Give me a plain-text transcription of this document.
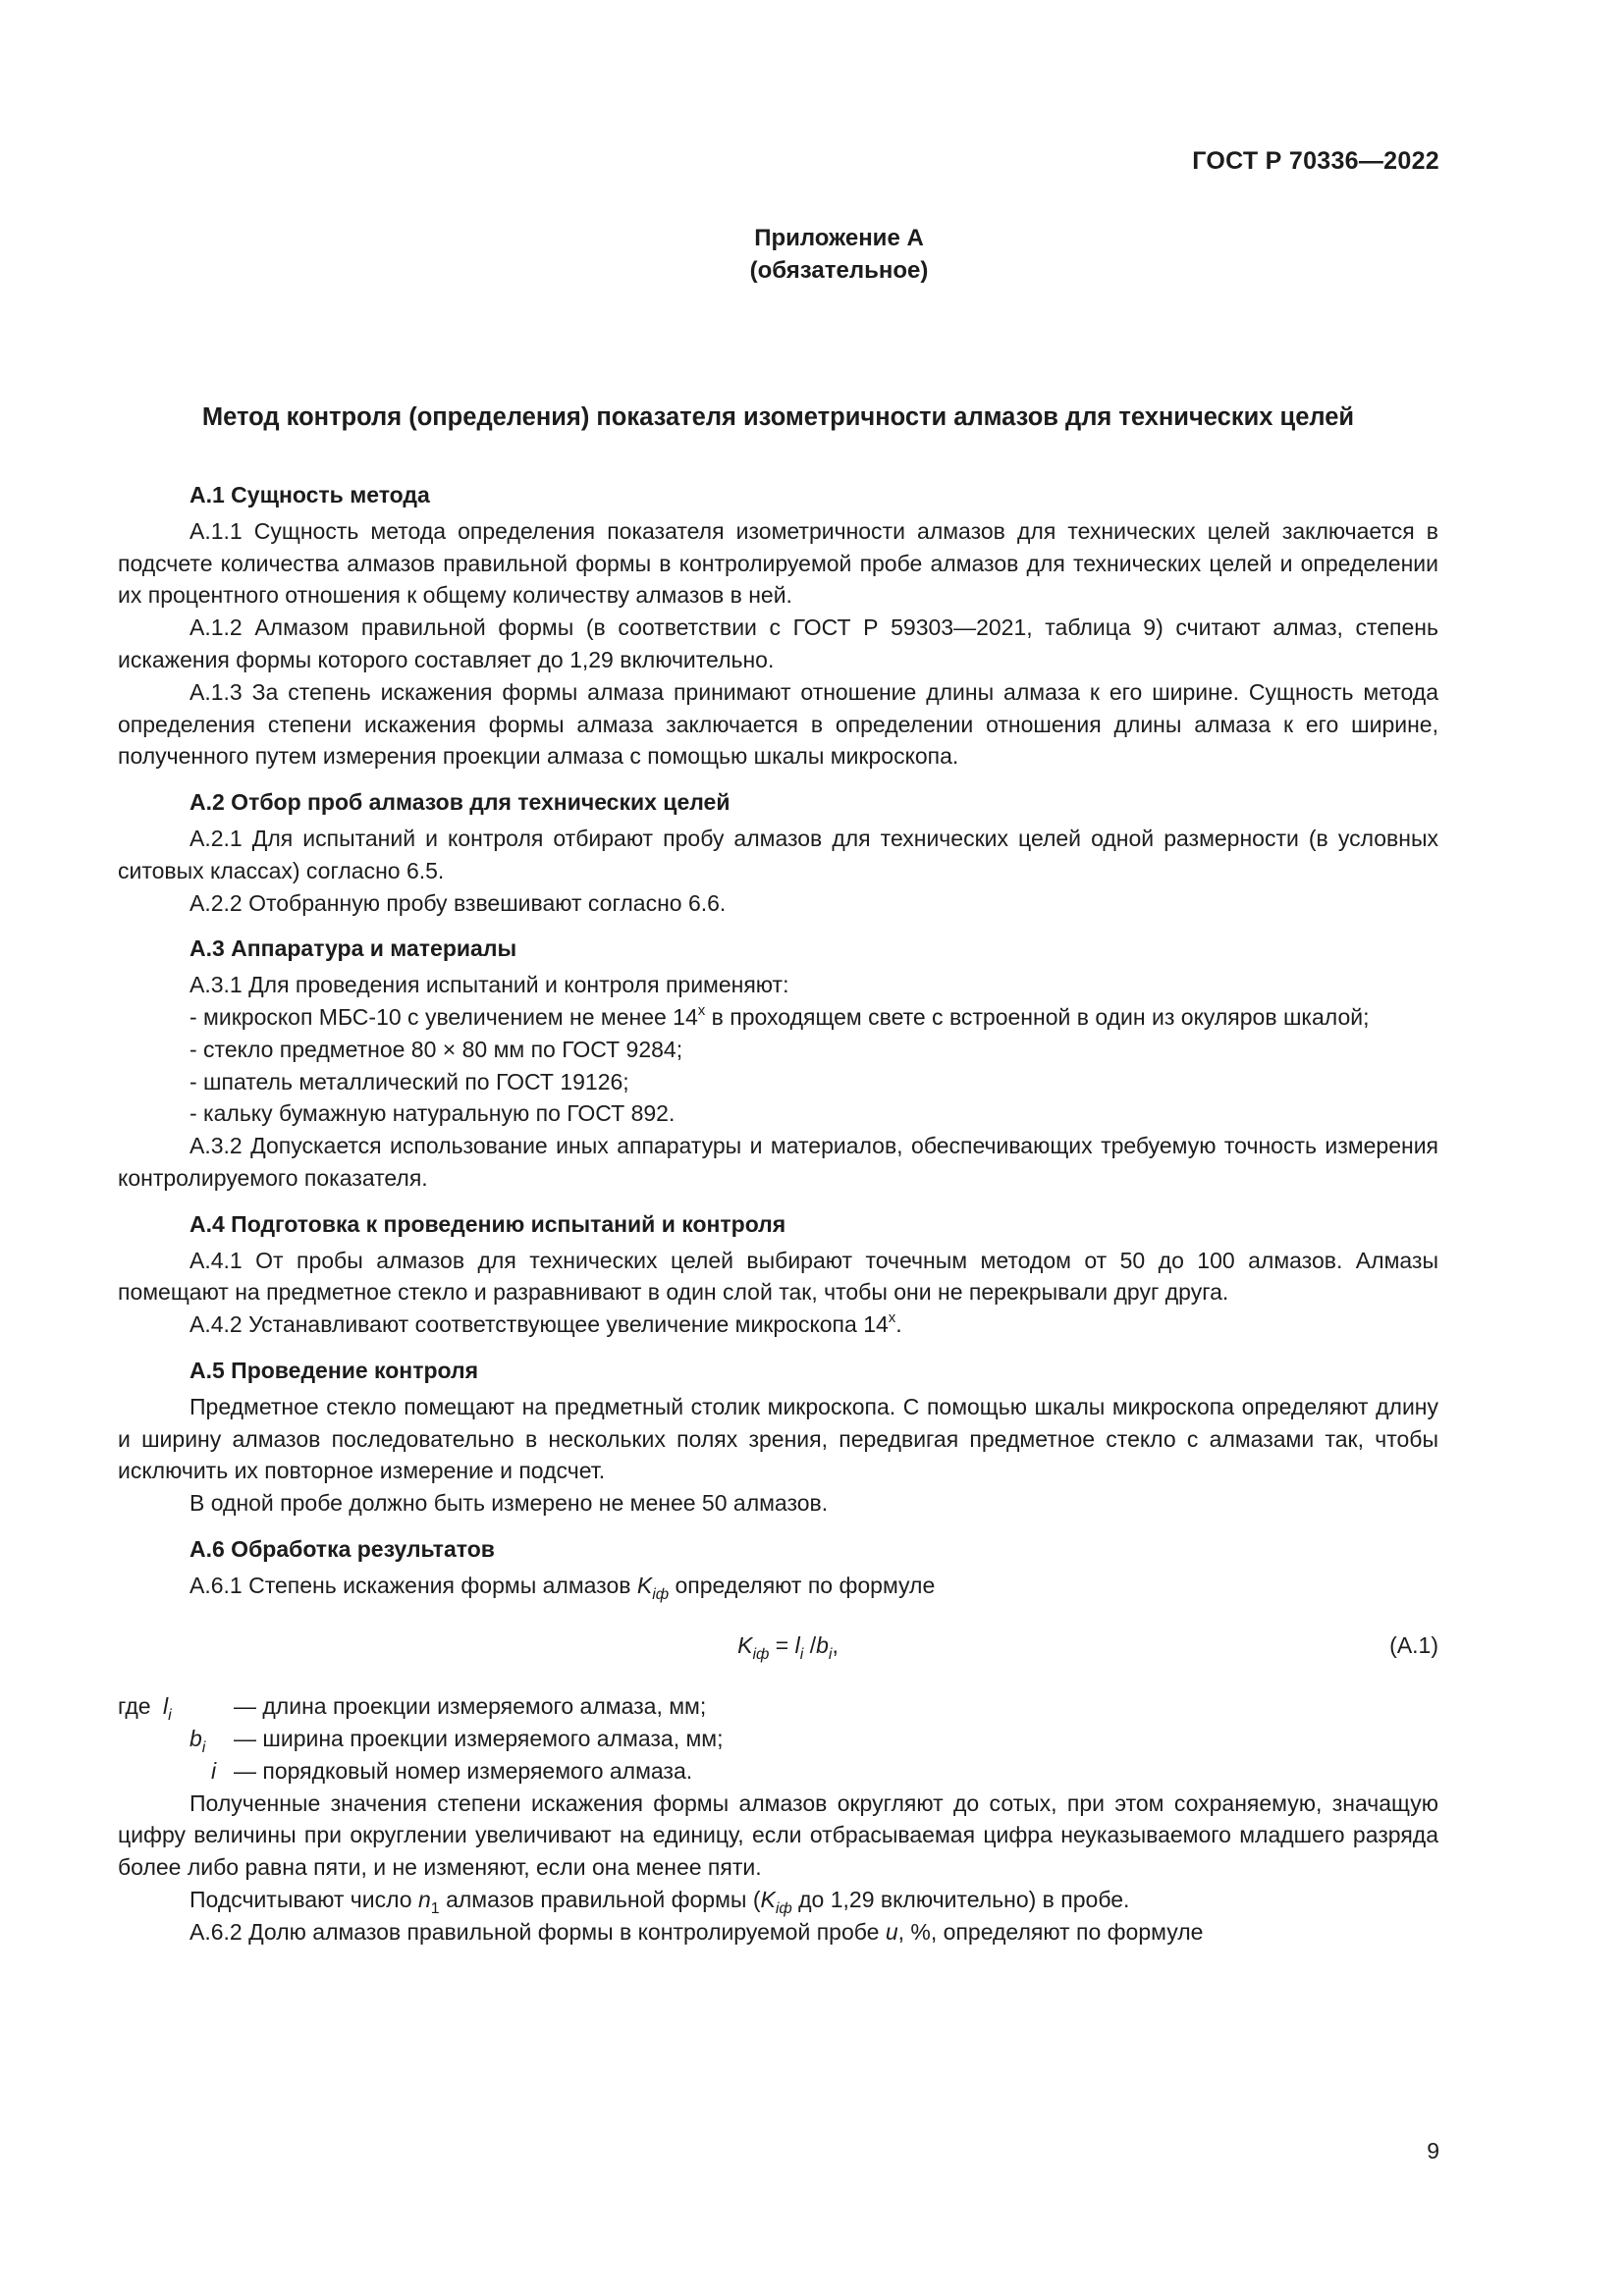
ГОСТ Р 70336—2022
Приложение А
(обязательное)
Метод контроля (определения) показателя изометричности алмазов для технических целей
А.1 Сущность метода

А.1.1 Сущность метода определения показателя изометричности алмазов для технических целей заключается в подсчете количества алмазов правильной формы в контролируемой пробе алмазов для технических целей и определении их процентного отношения к общему количеству алмазов в ней.

А.1.2 Алмазом правильной формы (в соответствии с ГОСТ Р 59303—2021, таблица 9) считают алмаз, степень искажения формы которого составляет до 1,29 включительно.

А.1.3 За степень искажения формы алмаза принимают отношение длины алмаза к его ширине. Сущность метода определения степени искажения формы алмаза заключается в определении отношения длины алмаза к его ширине, полученного путем измерения проекции алмаза с помощью шкалы микроскопа.

А.2 Отбор проб алмазов для технических целей

А.2.1 Для испытаний и контроля отбирают пробу алмазов для технических целей одной размерности (в условных ситовых классах) согласно 6.5.

А.2.2 Отобранную пробу взвешивают согласно 6.6.

А.3 Аппаратура и материалы

А.3.1 Для проведения испытаний и контроля применяют:

- микроскоп МБС-10 с увеличением не менее $14^х$ в проходящем свете с встроенной в один из окуляров шкалой;

- стекло предметное 80 × 80 мм по ГОСТ 9284;

- шпатель металлический по ГОСТ 19126;

- кальку бумажную натуральную по ГОСТ 892.

А.3.2 Допускается использование иных аппаратуры и материалов, обеспечивающих требуемую точность измерения контролируемого показателя.

А.4 Подготовка к проведению испытаний и контроля

А.4.1 От пробы алмазов для технических целей выбирают точечным методом от 50 до 100 алмазов. Алмазы помещают на предметное стекло и разравнивают в один слой так, чтобы они не перекрывали друг друга.

А.4.2 Устанавливают соответствующее увеличение микроскопа $14^х$.

А.5 Проведение контроля

Предметное стекло помещают на предметный столик микроскопа. С помощью шкалы микроскопа определяют длину и ширину алмазов последовательно в нескольких полях зрения, передвигая предметное стекло с алмазами так, чтобы исключить их повторное измерение и подсчет.

В одной пробе должно быть измерено не менее 50 алмазов.

А.6 Обработка результатов

А.6.1 Степень искажения формы алмазов $K_{iф}$ определяют по формуле

$K_{iф} = l_i$ $/b_i$,	(А.1)
где $l_i$	— длина проекции измеряемого алмаза, мм;
$b_i$ — ширина проекции измеряемого алмаза, мм;
i — порядковый номер измеряемого алмаза.

Полученные значения степени искажения формы алмазов округляют до сотых, при этом сохраняемую, значащую цифру величины при округлении увеличивают на единицу, если отбрасываемая цифра неуказываемого младшего разряда более либо равна пяти, и не изменяют, если она менее пяти.

Подсчитывают число $n_1$ алмазов правильной формы ($K_{iф}$ до 1,29 включительно) в пробе.

А.6.2 Долю алмазов правильной формы в контролируемой пробе u, %, определяют по формуле

9
